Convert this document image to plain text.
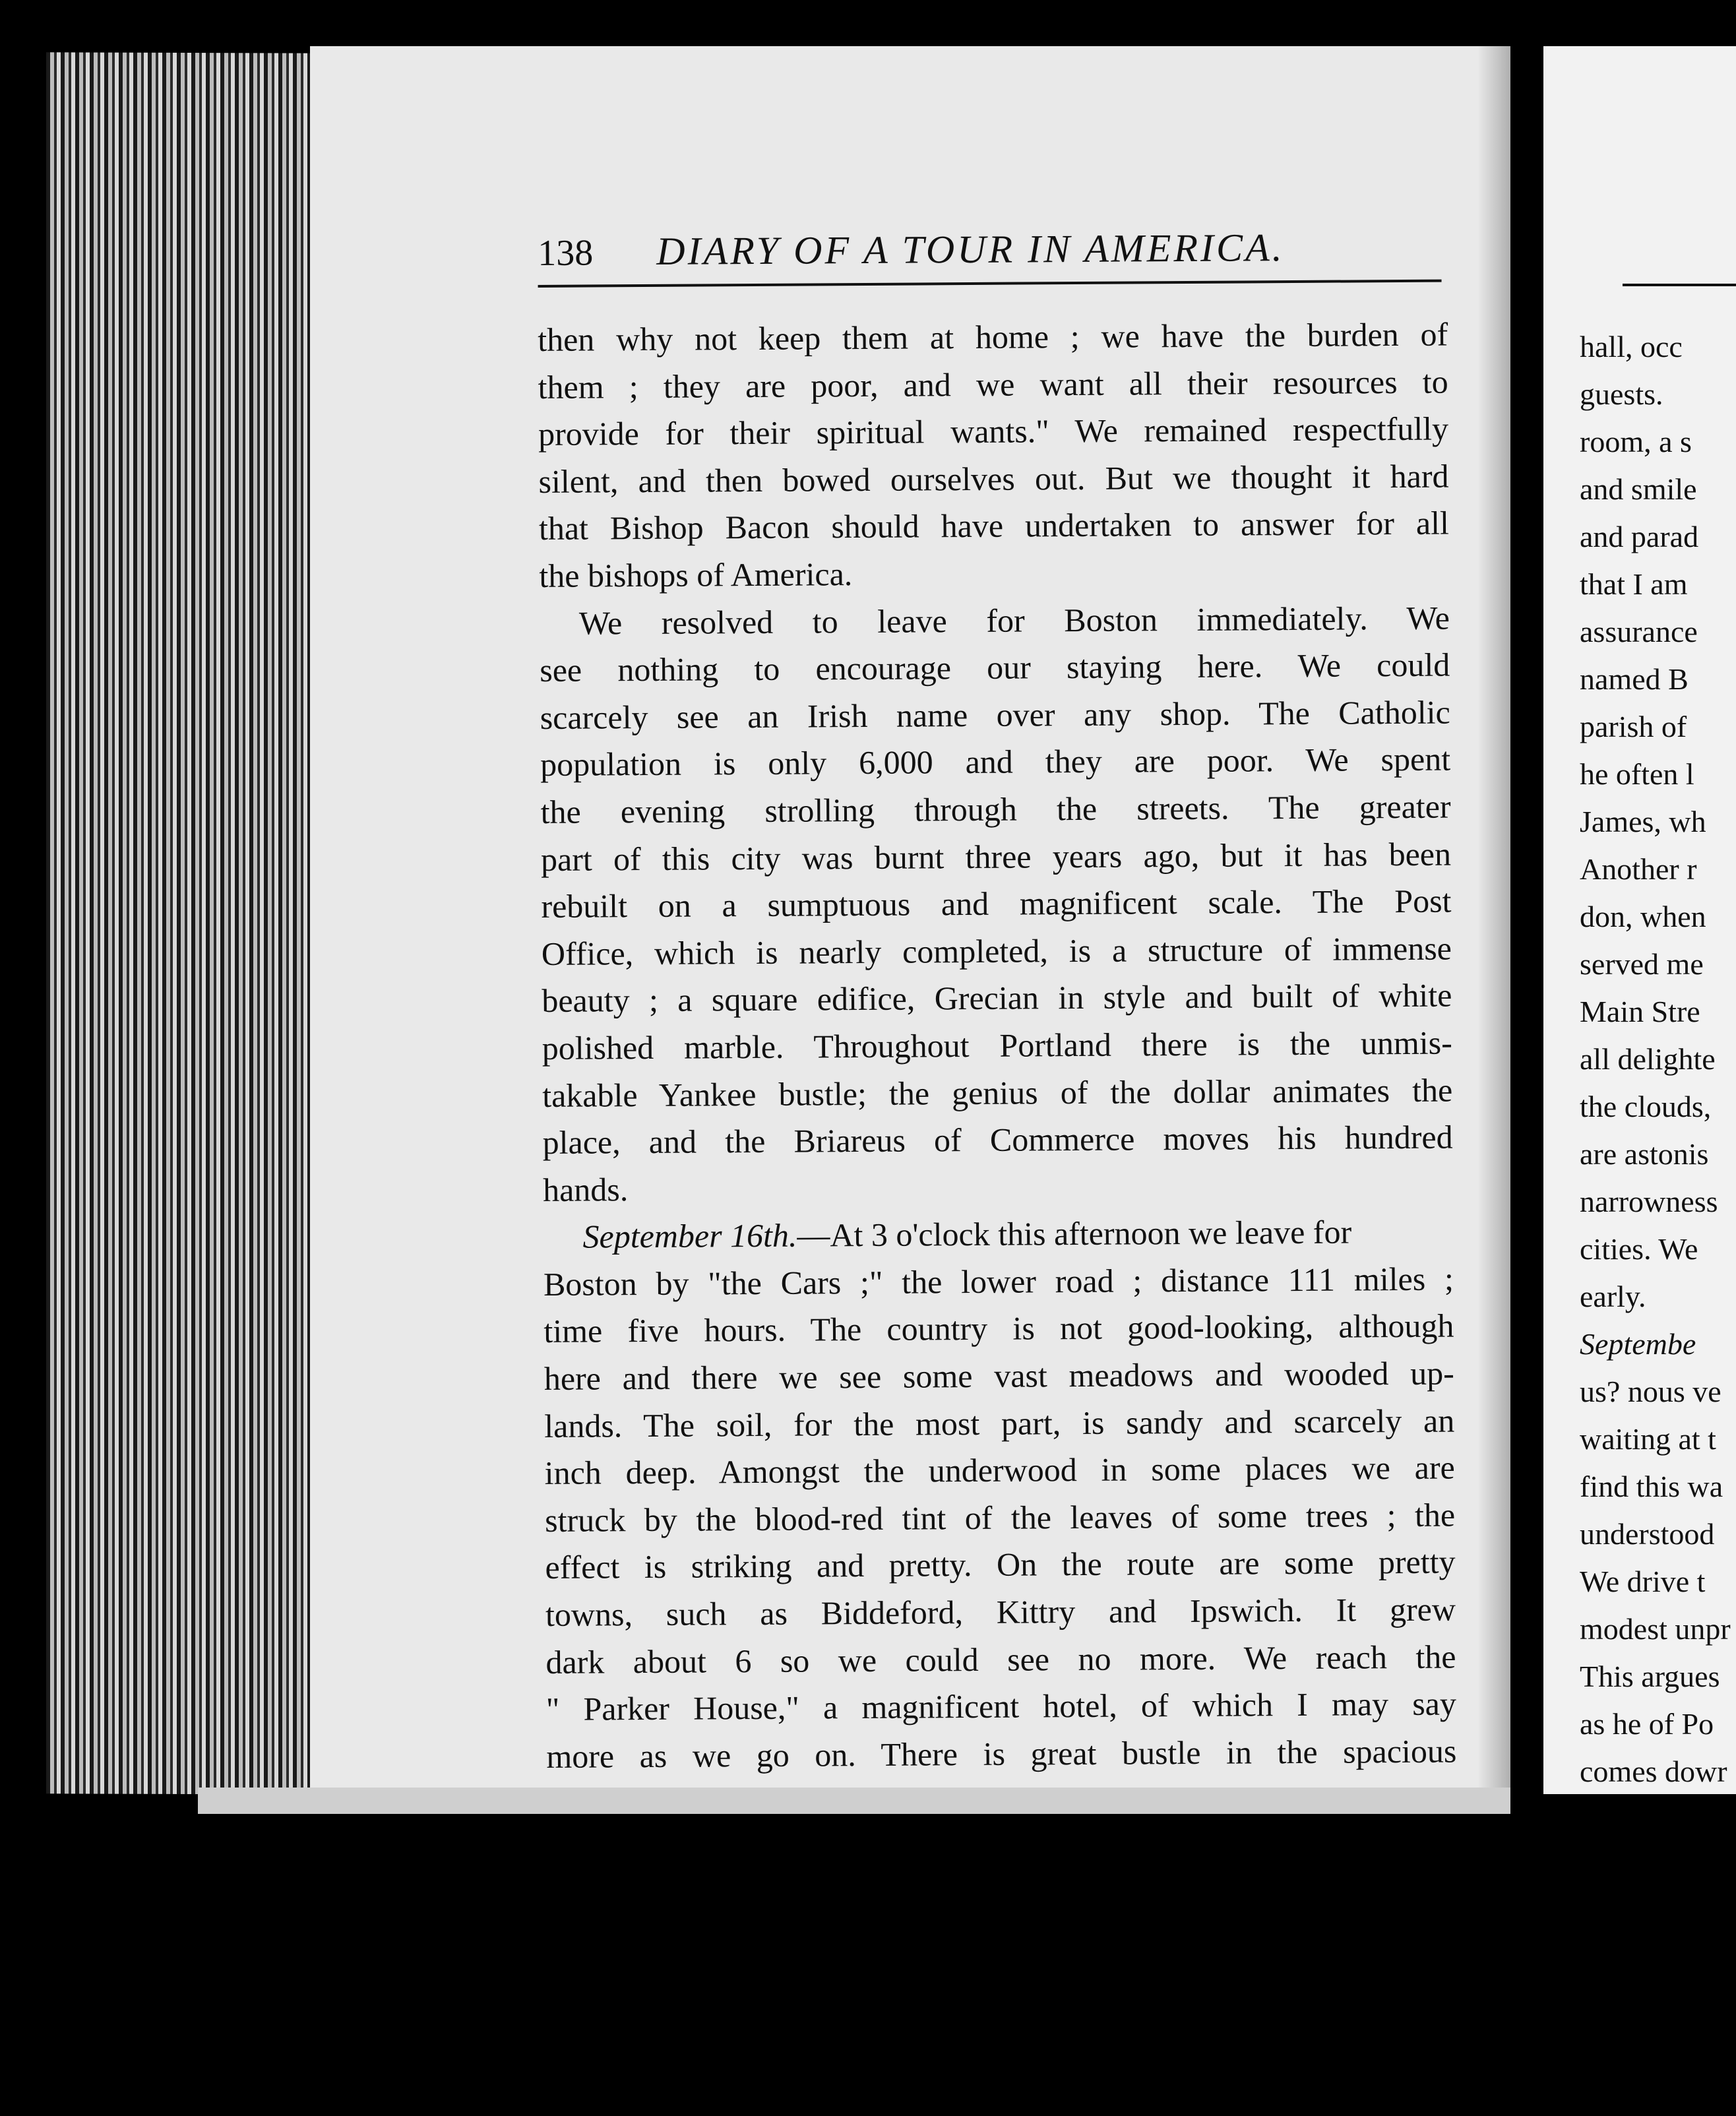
138 DIARY OF A TOUR IN AMERICA.
then why not keep them at home ; we have the burden of
them ; they are poor, and we want all their resources to
provide for their spiritual wants." We remained respectfully
silent, and then bowed ourselves out. But we thought it hard
that Bishop Bacon should have undertaken to answer for all
the bishops of America.
We resolved to leave for Boston immediately. We
see nothing to encourage our staying here. We could
scarcely see an Irish name over any shop. The Catholic
population is only 6,000 and they are poor. We spent
the evening strolling through the streets. The greater
part of this city was burnt three years ago, but it has been
rebuilt on a sumptuous and magnificent scale. The Post
Office, which is nearly completed, is a structure of immense
beauty ; a square edifice, Grecian in style and built of white
polished marble. Throughout Portland there is the unmis-
takable Yankee bustle; the genius of the dollar animates the
place, and the Briareus of Commerce moves his hundred
hands.
September 16th.—At 3 o'clock this afternoon we leave for
Boston by "the Cars ;" the lower road ; distance 111 miles ;
time five hours. The country is not good-looking, although
here and there we see some vast meadows and wooded up-
lands. The soil, for the most part, is sandy and scarcely an
inch deep. Amongst the underwood in some places we are
struck by the blood-red tint of the leaves of some trees ; the
effect is striking and pretty. On the route are some pretty
towns, such as Biddeford, Kittry and Ipswich. It grew
dark about 6 so we could see no more. We reach the
" Parker House," a magnificent hotel, of which I may say
more as we go on. There is great bustle in the spacious
hall, occ
guests.
room, a s
and smile
and parad
that I am
assurance
named B
parish of
he often l
James, wh
Another r
don, when
served me
Main Stre
all delighte
the clouds,
are astonis
narrowness
cities. We
early.
Septembe
us? nous ve
waiting at t
find this wa
understood
We drive t
modest unpr
This argues
as he of Po
comes dowr
